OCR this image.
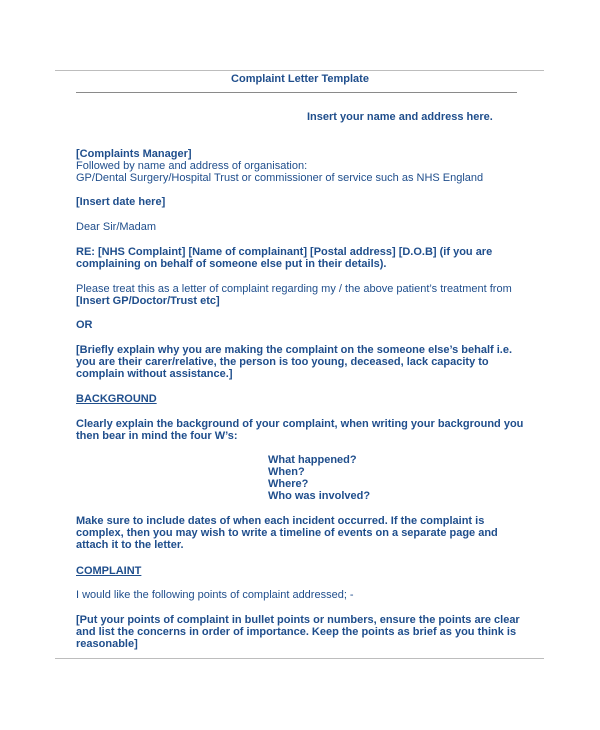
Complaint Letter Template
Insert your name and address here.
[Complaints Manager]
Followed by name and address of organisation:
GP/Dental Surgery/Hospital Trust or commissioner of service such as NHS England
[Insert date here]
Dear Sir/Madam
RE: [NHS Complaint] [Name of complainant] [Postal address] [D.O.B] (if you are
complaining on behalf of someone else put in their details).
Please treat this as a letter of complaint regarding my / the above patient’s treatment from
[Insert GP/Doctor/Trust etc]
OR
[Briefly explain why you are making the complaint on the someone else’s behalf i.e.
you are their carer/relative, the person is too young, deceased, lack capacity to
complain without assistance.]
BACKGROUND
Clearly explain the background of your complaint, when writing your background you
then bear in mind the four W’s:
What happened?
When?
Where?
Who was involved?
Make sure to include dates of when each incident occurred. If the complaint is
complex, then you may wish to write a timeline of events on a separate page and
attach it to the letter.
COMPLAINT
I would like the following points of complaint addressed; -
[Put your points of complaint in bullet points or numbers, ensure the points are clear
and list the concerns in order of importance. Keep the points as brief as you think is
reasonable]
